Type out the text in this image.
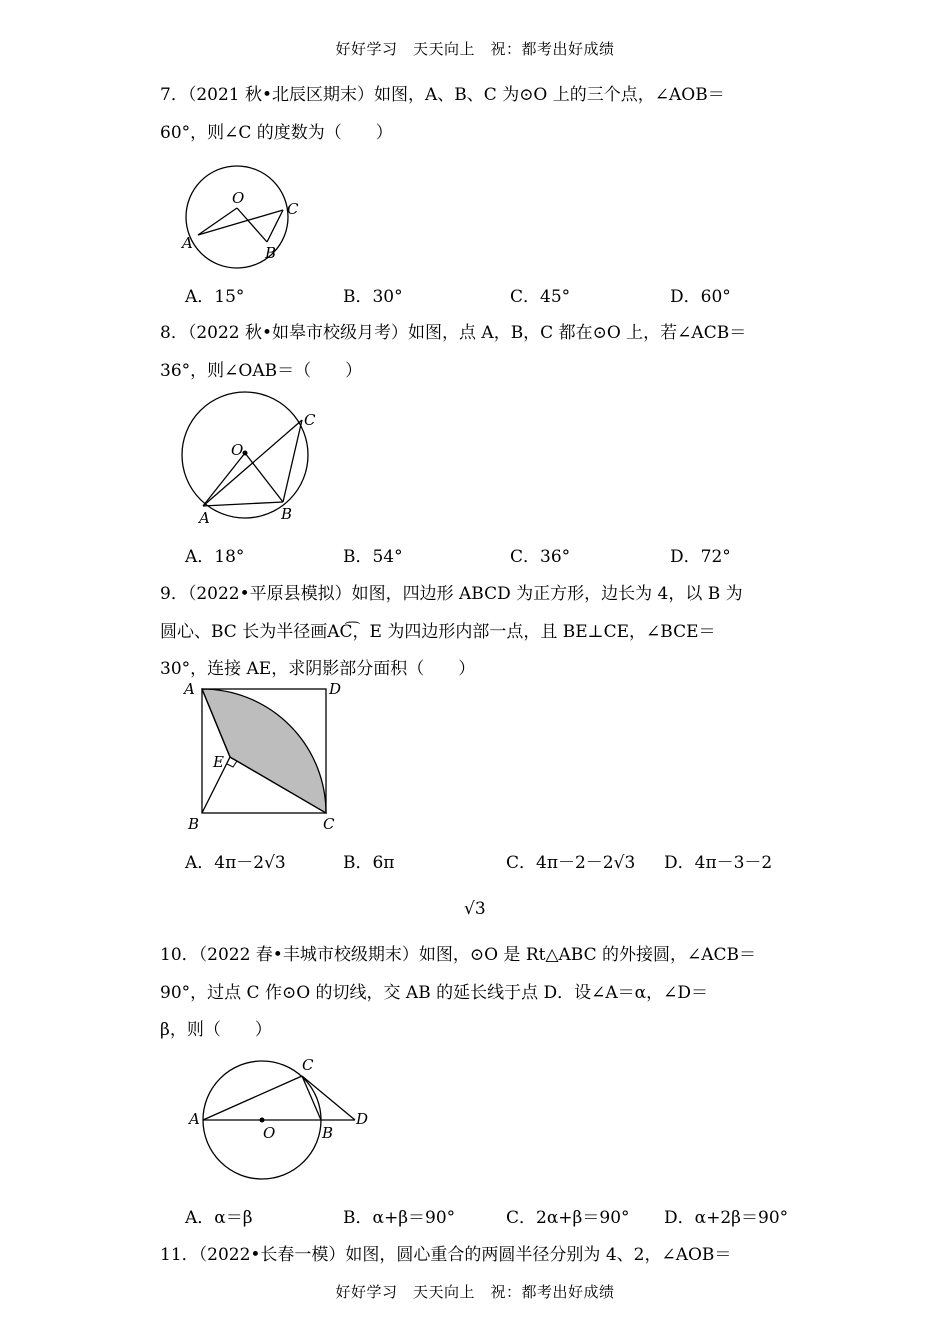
好好学习　天天向上　祝：都考出好成绩
好好学习　天天向上　祝：都考出好成绩
7．（2021 秋•北辰区期末）如图，A、B、C 为⊙O 上的三个点，∠AOB＝
60°，则∠C 的度数为（　　）
O
C
A
B
A．15°	B．30°	C．45°	D．60°
8．（2022 秋•如皋市校级月考）如图，点 A，B，C 都在⊙O 上，若∠ACB＝
36°，则∠OAB＝（　　）
C
O
A	B
A．18°	B．54°	C．36°	D．72°
9．（2022•平原县模拟）如图，四边形 ABCD 为正方形，边长为 4，以 B 为
圆心、BC 长为半径画AC͡，E 为四边形内部一点，且 BE⊥CE，∠BCE＝
30°，连接 AE，求阴影部分面积（　　）
A	D
E
B	C
A．4π－2√3	B．6π	C．4π－2－2√3 D．4π－3－2
√3
10．（2022 春•丰城市校级期末）如图，⊙O 是 Rt△ABC 的外接圆，∠ACB＝
90°，过点 C 作⊙O 的切线，交 AB 的延长线于点 D．设∠A＝α，∠D＝
β，则（　　）
C
A
O	B
D
A．α＝β	B．α+β＝90°	C．2α+β＝90° D．α+2β＝90°
11．（2022•长春一模）如图，圆心重合的两圆半径分别为 4、2，∠AOB＝
